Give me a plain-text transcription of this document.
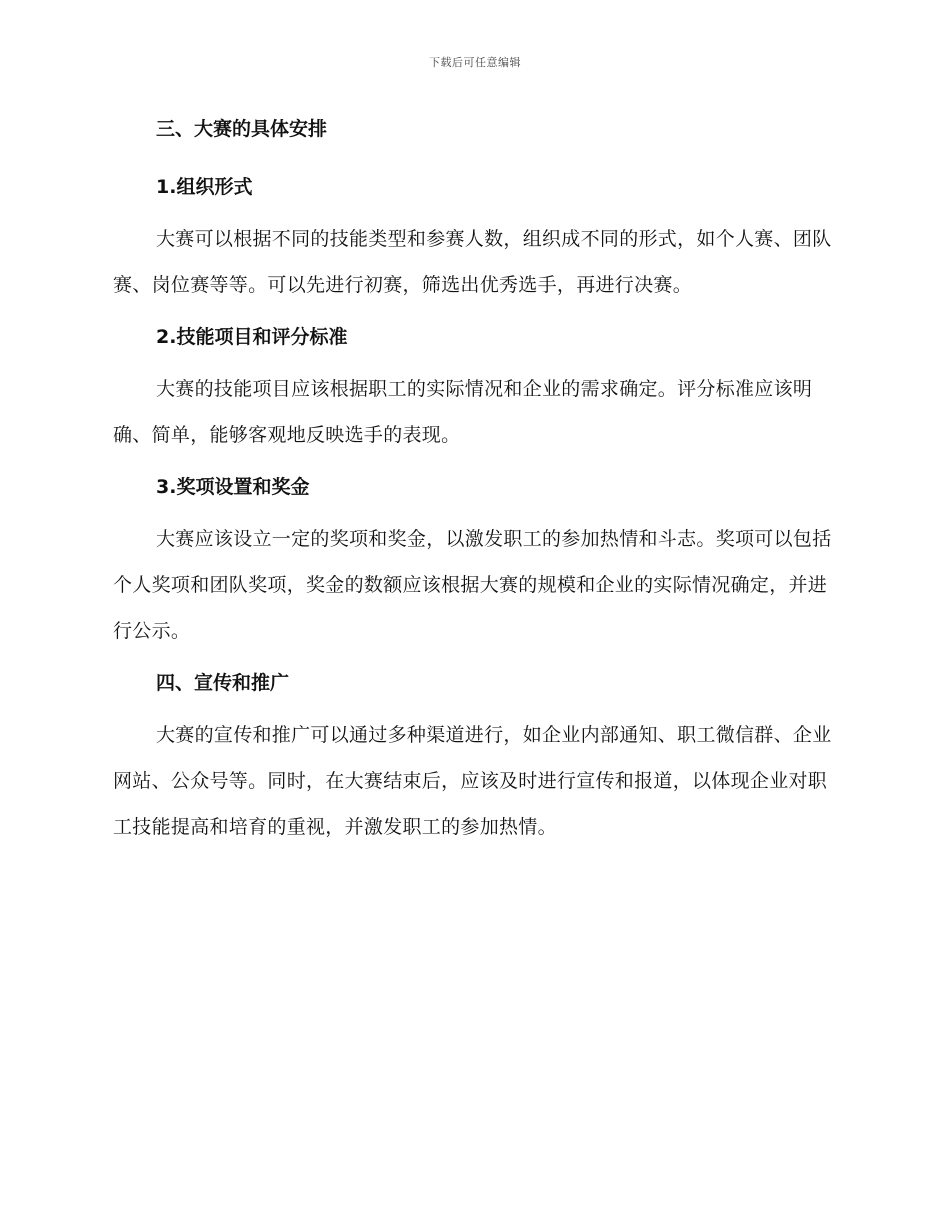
下载后可任意编辑
三、大赛的具体安排
1.组织形式

大赛可以根据不同的技能类型和参赛人数，组织成不同的形式，如个人赛、团队赛、岗位赛等等。可以先进行初赛，筛选出优秀选手，再进行决赛。

2.技能项目和评分标准

大赛的技能项目应该根据职工的实际情况和企业的需求确定。评分标准应该明确、简单，能够客观地反映选手的表现。

3.奖项设置和奖金

大赛应该设立一定的奖项和奖金，以激发职工的参加热情和斗志。奖项可以包括个人奖项和团队奖项，奖金的数额应该根据大赛的规模和企业的实际情况确定，并进行公示。

四、宣传和推广

大赛的宣传和推广可以通过多种渠道进行，如企业内部通知、职工微信群、企业网站、公众号等。同时，在大赛结束后，应该及时进行宣传和报道，以体现企业对职工技能提高和培育的重视，并激发职工的参加热情。
